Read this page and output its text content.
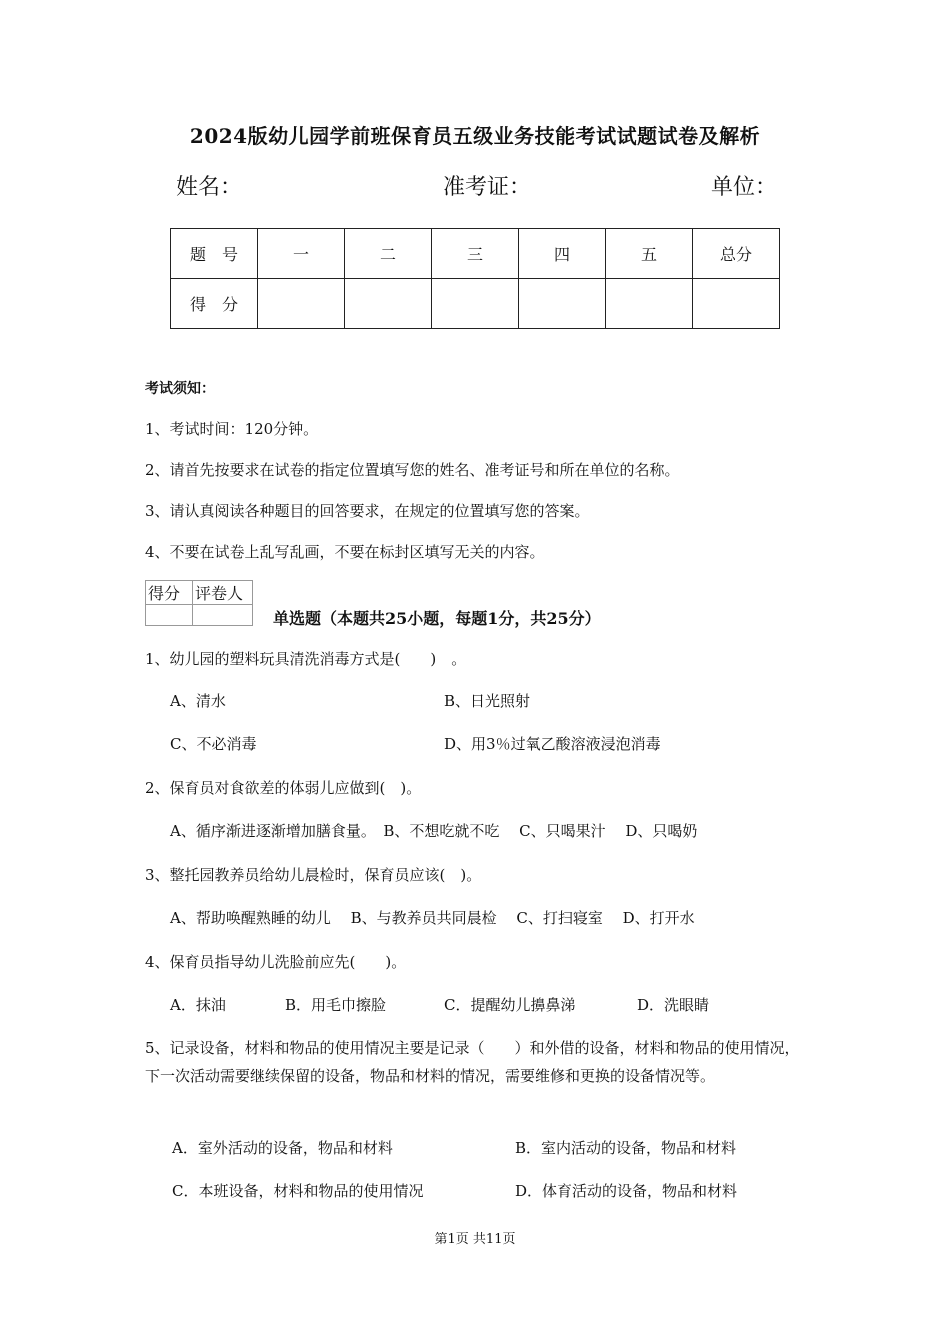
2024版幼儿园学前班保育员五级业务技能考试试题试卷及解析
姓名：	准考证：	单位：
题　号	一	二	三	四	五	总分
得　分						
考试须知：
1、考试时间：120分钟。
2、请首先按要求在试卷的指定位置填写您的姓名、准考证号和所在单位的名称。
3、请认真阅读各种题目的回答要求，在规定的位置填写您的答案。
4、不要在试卷上乱写乱画，不要在标封区填写无关的内容。
得分	评卷人

单选题（本题共25小题，每题1分，共25分）
1、幼儿园的塑料玩具清洗消毒方式是(　　)　。
A、清水	B、日光照射
C、不必消毒	D、用3％过氧乙酸溶液浸泡消毒
2、保育员对食欲差的体弱儿应做到(　)。
A、循序渐进逐渐增加膳食量。　B、不想吃就不吃　 C、只喝果汁　 D、只喝奶
3、整托园教养员给幼儿晨检时，保育员应该(　)。
A、帮助唤醒熟睡的幼儿　 B、与教养员共同晨检　 C、打扫寝室　 D、打开水
4、保育员指导幼儿洗脸前应先(　　)。
A．抹油	B．用毛巾擦脸	C．提醒幼儿擤鼻涕	D．洗眼睛
5、记录设备，材料和物品的使用情况主要是记录（　　）和外借的设备，材料和物品的使用情况，下一次活动需要继续保留的设备，物品和材料的情况，需要维修和更换的设备情况等。
A．室外活动的设备，物品和材料	B．室内活动的设备，物品和材料
C．本班设备，材料和物品的使用情况	D．体育活动的设备，物品和材料
第1页 共11页
